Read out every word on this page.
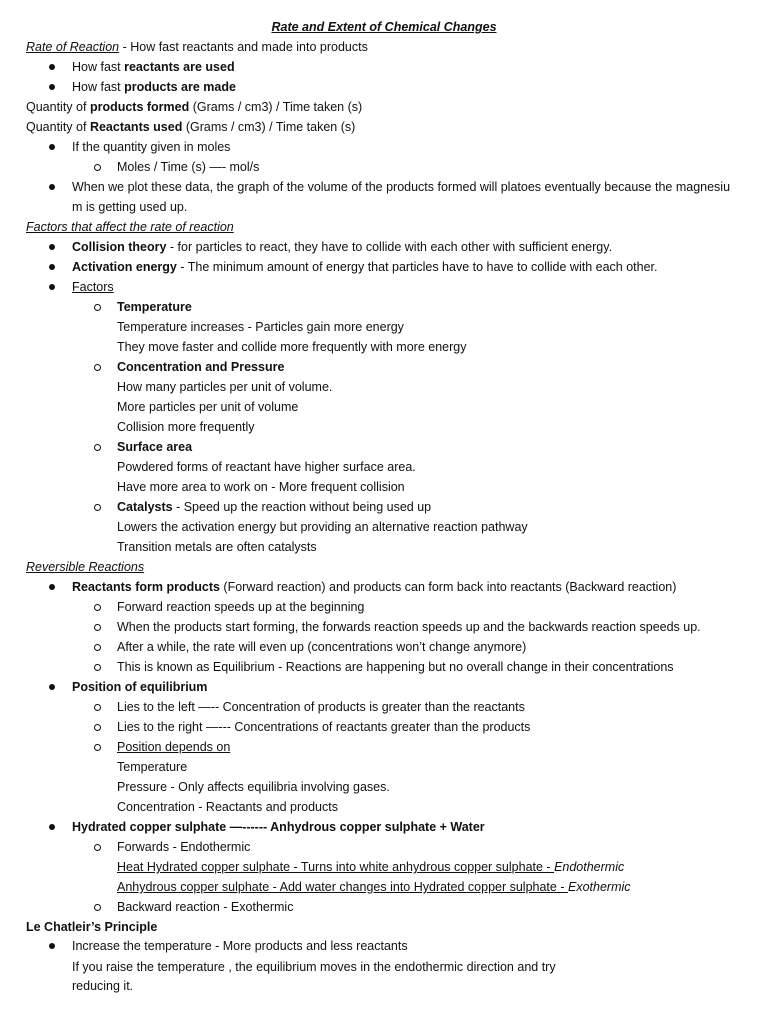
Rate and Extent of Chemical Changes
Rate of Reaction - How fast reactants and made into products
How fast reactants are used
How fast products are made
Quantity of products formed (Grams / cm3) / Time taken (s)
Quantity of Reactants used (Grams / cm3) / Time taken (s)
If the quantity given in moles
Moles / Time (s) —- mol/s
When we plot these data, the graph of the volume of the products formed will platoes eventually because the magnesiu
m is getting used up.
Factors that affect the rate of reaction
Collision theory - for particles to react, they have to collide with each other with sufficient energy.
Activation energy - The minimum amount of energy that particles have to have to collide with each other.
Factors
Temperature
Temperature increases - Particles gain more energy
They move faster and collide more frequently with more energy
Concentration and Pressure
How many particles per unit of volume.
More particles per unit of volume
Collision more frequently
Surface area
Powdered forms of reactant have higher surface area.
Have more area to work on - More frequent collision
Catalysts - Speed up the reaction without being used up
Lowers the activation energy but providing an alternative reaction pathway
Transition metals are often catalysts
Reversible Reactions
Reactants form products (Forward reaction) and products can form back into reactants (Backward reaction)
Forward reaction speeds up at the beginning
When the products start forming, the forwards reaction speeds up and the backwards reaction speeds up.
After a while, the rate will even up (concentrations won’t change anymore)
This is known as Equilibrium - Reactions are happening but no overall change in their concentrations
Position of equilibrium
Lies to the left —-- Concentration of products is greater than the reactants
Lies to the right —--- Concentrations of reactants greater than the products
Position depends on
Temperature
Pressure - Only affects equilibria involving gases.
Concentration - Reactants and products
Hydrated copper sulphate —------ Anhydrous copper sulphate + Water
Forwards - Endothermic
Heat Hydrated copper sulphate - Turns into white anhydrous copper sulphate - Endothermic
Anhydrous copper sulphate - Add water changes into Hydrated copper sulphate - Exothermic
Backward reaction - Exothermic
Le Chatleir’s Principle
Increase the temperature - More products and less reactants
If you raise the temperature , the equilibrium moves in the endothermic direction and try
reducing it.
